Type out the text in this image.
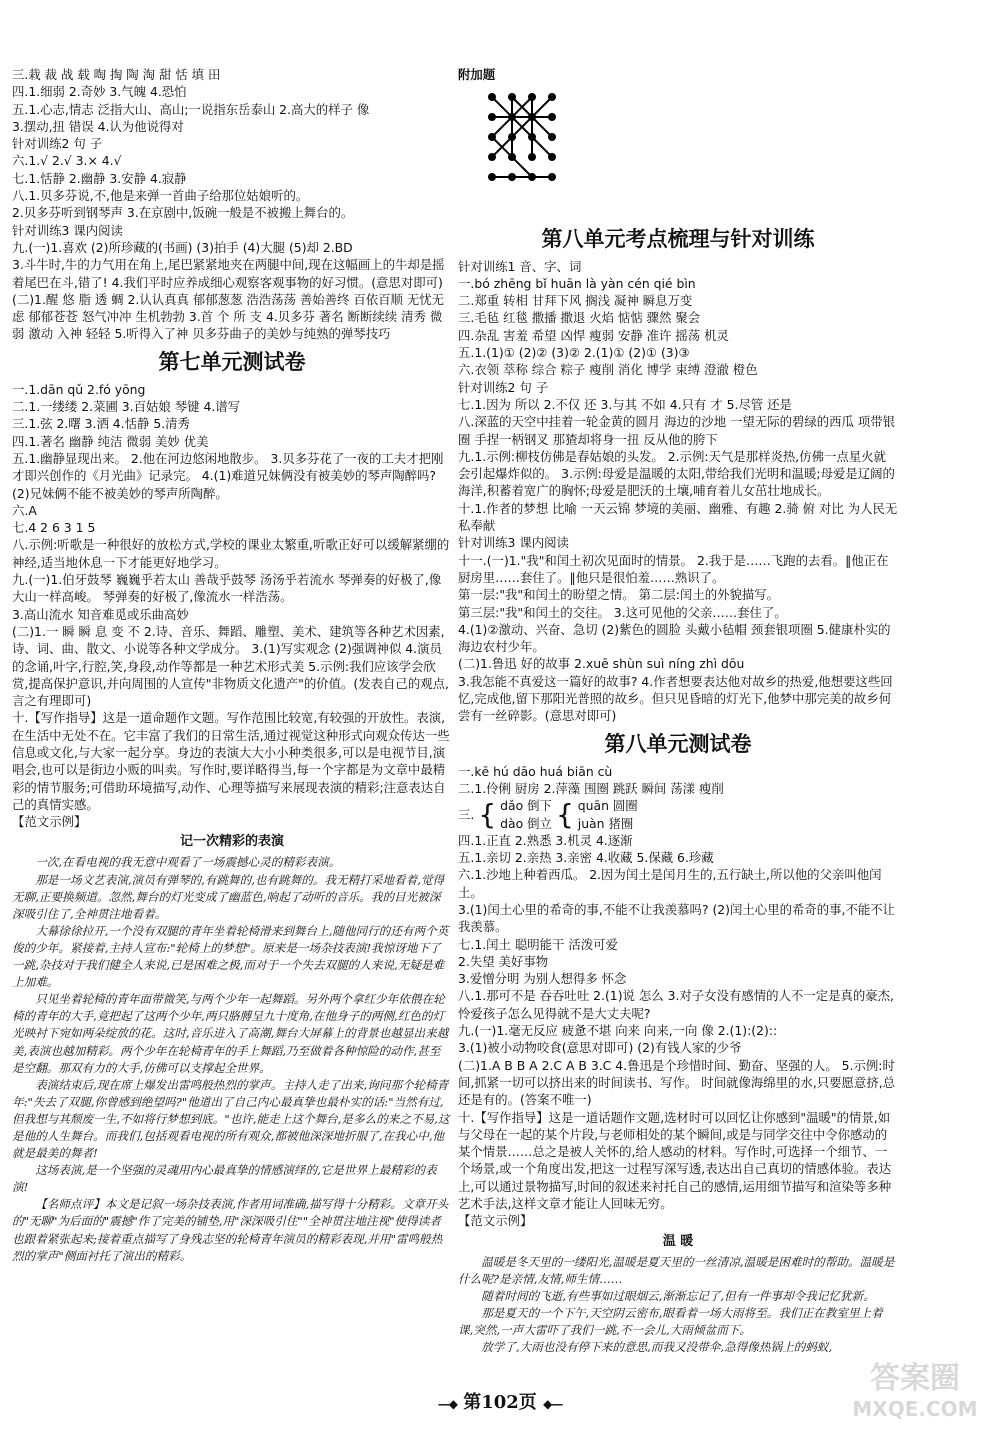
三.栽 裁 战 载 啕 掏 陶 淘 甜 恬 填 田
四.1.细弱 2.奇妙 3.气魄 4.恐怕
五.1.心志,情志 泛指大山、高山;一说指东岳泰山 2.高大的样子 像
3.摆动,扭 错误 4.认为他说得对
针对训练2 句 子
六.1.√ 2.√ 3.× 4.√
七.1.恬静 2.幽静 3.安静 4.寂静
八.1.贝多芬说,不,他是来弹一首曲子给那位姑娘听的。
2.贝多芬听到钢琴声 3.在京剧中,饭碗一般是不被搬上舞台的。
针对训练3 课内阅读
九.(一)1.喜欢 (2)所珍藏的(书画) (3)拍手 (4)大腿 (5)却 2.BD
3.斗牛时,牛的力气用在角上,尾巴紧紧地夹在两腿中间,现在这幅画上的牛却是摇着尾巴在斗,错了! 4.我们平时应养成细心观察客观事物的好习惯。(意思对即可)
(二)1.醒 悠 脂 透 蜩 2.认认真真 郁郁葱葱 浩浩荡荡 善始善终 百依百顺 无忧无虑 郁郁苍苍 怒气冲冲 生机勃勃 3.首 个 所 支 4.贝多芬 著名 断断续续 清秀 微弱 激动 入神 轻轻 5.听得入了神 贝多芬曲子的美妙与纯熟的弹琴技巧
第七单元测试卷
一.1.dān qǔ 2.fó yōng
二.1.一缕缕 2.菜圃 3.百姑娘 琴键 4.谱写
三.1.弦 2.曙 3.洒 4.恬静 5.清秀
四.1.著名 幽静 纯洁 微弱 美妙 优美
五.1.幽静显现出来。 2.他在河边悠闲地散步。 3.贝多芬花了一夜的工夫才把刚才即兴创作的《月光曲》记录完。 4.(1)难道兄妹俩没有被美妙的琴声陶醉吗? (2)兄妹俩不能不被美妙的琴声所陶醉。
六.A
七.4 2 6 3 1 5
八.示例:听歌是一种很好的放松方式,学校的课业太繁重,听歌正好可以缓解紧绷的神经,适当地休息一下才能更好地学习。
九.(一)1.伯牙鼓琴 巍巍乎若太山 善哉乎鼓琴 汤汤乎若流水 琴弹奏的好极了,像大山一样高峻。 琴弹奏的好极了,像流水一样浩荡。
3.高山流水 知音难觅或乐曲高妙
(二)1.一 瞬 瞬 息 变 不 2.诗、音乐、舞蹈、雕塑、美术、建筑等各种艺术因素,诗、词、曲、散文、小说等各种文学成分。 3.(1)写实观念 (2)强调神似 4.演员的念诵,叶字,行腔,笑,身段,动作等都是一种艺术形式美 5.示例:我们应该学会欣赏,提高保护意识,并向周围的人宣传"非物质文化遗产"的价值。(发表自己的观点,言之有理即可)
十.【写作指导】这是一道命题作文题。写作范围比较宽,有较强的开放性。表演,在生活中无处不在。它丰富了我们的日常生活,通过视觉这种形式向观众传达一些信息或文化,与大家一起分享。身边的表演大大小小种类很多,可以是电视节目,演唱会,也可以是街边小贩的叫卖。写作时,要详略得当,每一个字都是为文章中最精彩的情节服务;可借助环境描写,动作、心理等描写来展现表演的精彩;注意表达自己的真情实感。
【范文示例】
记一次精彩的表演
一次,在看电视的我无意中观看了一场震撼心灵的精彩表演。
那是一场文艺表演,演员有弹琴的,有跳舞的,也有跳舞的。我无精打采地看着,觉得无聊,正要换频道。忽然,舞台的灯光变成了幽蓝色,响起了动听的音乐。我的目光被深深吸引住了,全神贯注地看着。
大幕徐徐拉开,一个没有双腿的青年坐着轮椅滑来到舞台上,随他同行的还有两个英俊的少年。紧接着,主持人宣布:"轮椅上的梦想"。原来是一场杂技表演!我惊讶地下了一跳,杂技对于我们健全人来说,已是困难之极,而对于一个失去双腿的人来说,无疑是难上加难。
只见坐着轮椅的青年面带微笑,与两个少年一起舞蹈。另外两个拿红少年依偎在轮椅的青年的大手,竟把起了这两个少年,两只胳膊呈九十度角,在他身子的两侧,红色的灯光映衬下宛如两朵绽放的花。这时,音乐进入了高潮,舞台大屏幕上的背景也越显出来越美,表演也越加精彩。两个少年在轮椅青年的手上舞蹈,乃至做着各种惊险的动作,甚至是空翻。那双有力的大手,仿佛可以支撑起全世界。
表演结束后,现在席上爆发出雷鸣般热烈的掌声。主持人走了出来,询问那个轮椅青年:"失去了双腿,你曾感到绝望吗?"他道出了自己内心最真挚也最朴实的话:"当然有过,但我想与其颓废一生,不如将行梦想到底。"也许,能走上这个舞台,是多么的来之不易,这是他的人生舞台。而我们,包括观看电视的所有观众,都被他深深地折服了,在我心中,他就是最美的舞者!
这场表演,是一个坚强的灵魂用内心最真挚的情感演绎的,它是世界上最精彩的表演!
【名师点评】本文是记叙一场杂技表演,作者用词准确,描写得十分精彩。文章开头的"无聊"为后面的"震撼"作了完美的铺垫,用"深深吸引住""全神贯注地注视"使得读者也跟着紧张起来;接着重点描写了身残志坚的轮椅青年演员的精彩表现,并用"雷鸣般热烈的掌声"侧面衬托了演出的精彩。
附加题
第八单元考点梳理与针对训练
针对训练1 音、字、词
一.bó zhēng bǐ huān là yàn cén qié bìn
二.郑重 转相 甘拜下风 搁浅 凝神 瞬息万变
三.毛毡 红毯 撒播 撒退 火焰 惦惦 骤然 聚会
四.杂乱 害羞 希望 凶悍 瘦弱 安静 准许 摇荡 机灵
五.1.(1)① (2)② (3)② 2.(1)① (2)① (3)③
六.衣领 萃称 综合 粽子 瘦削 消化 博学 束缚 澄澈 橙色
针对训练2 句 子
七.1.因为 所以 2.不仅 还 3.与其 不如 4.只有 才 5.尽管 还是
八.深蓝的天空中挂着一轮金黄的圆月 海边的沙地 一望无际的碧绿的西瓜 项带银圈 手捏一柄钢叉 那猹却将身一扭 反从他的胯下
九.1.示例:柳枝仿佛是春姑娘的头发。 2.示例:天气是那样炎热,仿佛一点星火就会引起爆炸似的。 3.示例:母爱是温暖的太阳,带给我们光明和温暖;母爱是辽阔的海洋,积蓄着宽广的胸怀;母爱是肥沃的土壤,哺育着儿女茁壮地成长。
十.1.作者的梦想 比喻 一天云锦 梦境的美丽、幽雅、有趣 2.骑 俯 对比 为人民无私奉献
针对训练3 课内阅读
十一.(一)1."我"和闰土初次见面时的情景。 2.我于是……飞跑的去看。‖他正在厨房里……套住了。‖他只是很怕羞……熟识了。
第一层:"我"和闰土的盼望之情。 第二层:闰土的外貌描写。
第三层:"我"和闰土的交往。 3.这可见他的父亲……套住了。
4.(1)②激动、兴奋、急切 (2)紫色的圆脸 头戴小毡帽 颈套银项圈 5.健康朴实的海边农村少年。
(二)1.鲁迅 好的故事 2.xuē shùn suì níng zhì dōu
3.我怎能不真爱这一篇好的故事? 4.作者想要表达他对故乡的热爱,他想要这些回忆,完成他,留下那阳光普照的故乡。但只见昏暗的灯光下,他梦中那完美的故乡何尝有一丝碎影。(意思对即可)
第八单元测试卷
一.kē hú dāo huá biān cù
二.1.伶俐 厨房 2.萍藻 围圈 跳跃 瞬间 荡漾 瘦削
三. { dǎo 倒下
dào 倒立 { quān 圆圈
juàn 猪圈
四.1.正直 2.熟悉 3.机灵 4.逐渐
五.1.亲切 2.亲热 3.亲密 4.收藏 5.保藏 6.珍藏
六.1.沙地上种着西瓜。 2.因为闰土是闰月生的,五行缺土,所以他的父亲叫他闰土。
3.(1)闰土心里的希奇的事,不能不让我羡慕吗? (2)闰土心里的希奇的事,不能不让我羡慕。
七.1.闰土 聪明能干 活泼可爱
2.失望 美好事物
3.爱憎分明 为别人想得多 怀念
八.1.那可不是 吞吞吐吐 2.(1)说 怎么 3.对子女没有感情的人不一定是真的豪杰,怜爱孩子怎么见得就不是大丈夫呢?
九.(一)1.毫无反应 疲惫不堪 向来 向来,一向 像 2.(1):(2)::
3.(1)被小动物咬食(意思对即可) (2)有钱人家的少爷
(二)1.A B B A 2.C A B 3.C 4.鲁迅是个珍惜时间、勤奋、坚强的人。 5.示例:时间,抓紧一切可以挤出来的时间读书、写作。 时间就像海绵里的水,只要愿意挤,总还是有的。(答案不唯一)
十.【写作指导】这是一道话题作文题,选材时可以回忆让你感到"温暖"的情景,如与父母在一起的某个片段,与老师相处的某个瞬间,或是与同学交往中令你感动的某个情景……总之是被人关怀的,给人感动的材料。写作时,可选择一个细节、一个场景,或一个角度出发,把这一过程写深写透,表达出自己真切的情感体验。表达上,可以通过景物描写,时间的叙述来衬托自己的感情,运用细节描写和渲染等多种艺术手法,这样文章才能让人回味无穷。
【范文示例】
温 暖
温暖是冬天里的一缕阳光,温暖是夏天里的一丝清凉,温暖是困难时的帮助。温暖是什么呢?是亲情,友情,师生情……
随着时间的飞逝,有些事如过眼烟云,渐渐忘记了,但有一件事却令我记忆犹新。
那是夏天的一个下午,天空阴云密布,眼看着一场大雨将至。我们正在教室里上着课,突然,一声大雷吓了我们一跳,不一会儿,大雨倾盆而下。
放学了,大雨也没有停下来的意思,而我又没带伞,急得像热锅上的蚂蚁,
—◆ 第102页 ◆—
答案圈
MXQE.COM
